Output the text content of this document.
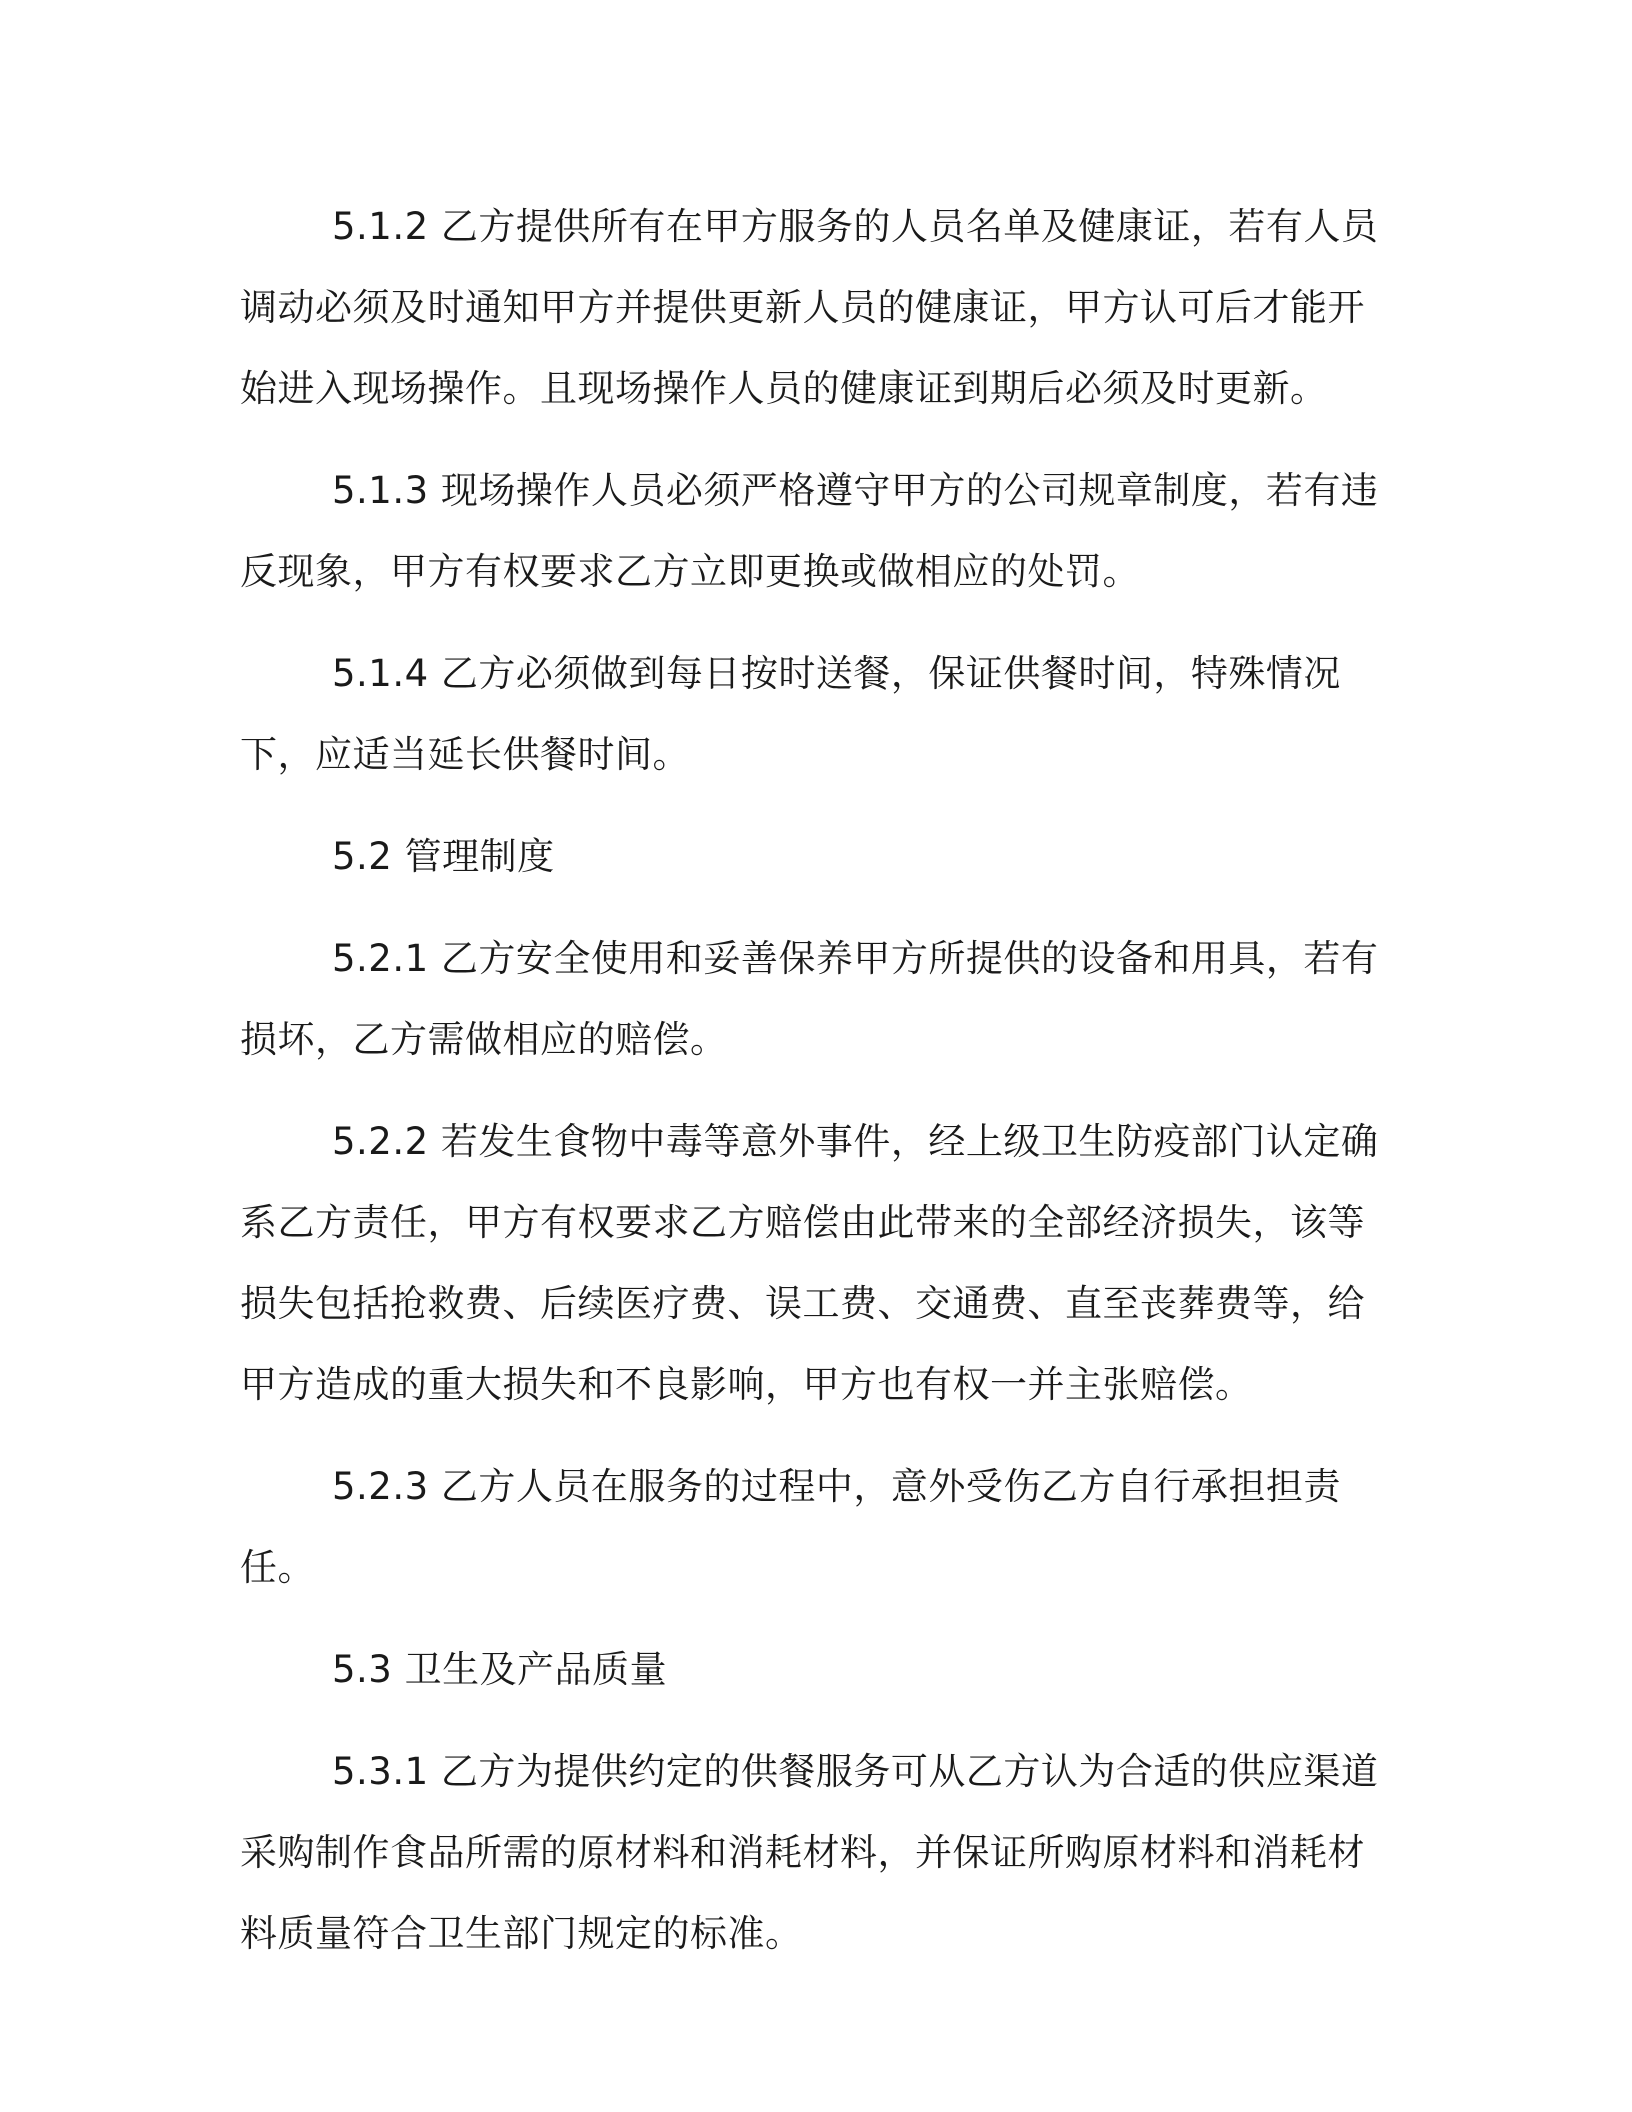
5.1.2 乙方提供所有在甲方服务的人员名单及健康证，若有人员调动必须及时通知甲方并提供更新人员的健康证，甲方认可后才能开始进入现场操作。且现场操作人员的健康证到期后必须及时更新。

5.1.3 现场操作人员必须严格遵守甲方的公司规章制度，若有违反现象，甲方有权要求乙方立即更换或做相应的处罚。

5.1.4 乙方必须做到每日按时送餐，保证供餐时间，特殊情况下，应适当延长供餐时间。

5.2 管理制度

5.2.1 乙方安全使用和妥善保养甲方所提供的设备和用具，若有损坏，乙方需做相应的赔偿。

5.2.2 若发生食物中毒等意外事件，经上级卫生防疫部门认定确系乙方责任，甲方有权要求乙方赔偿由此带来的全部经济损失，该等损失包括抢救费、后续医疗费、误工费、交通费、直至丧葬费等，给甲方造成的重大损失和不良影响，甲方也有权一并主张赔偿。

5.2.3 乙方人员在服务的过程中，意外受伤乙方自行承担担责任。

5.3 卫生及产品质量

5.3.1 乙方为提供约定的供餐服务可从乙方认为合适的供应渠道采购制作食品所需的原材料和消耗材料，并保证所购原材料和消耗材料质量符合卫生部门规定的标准。
